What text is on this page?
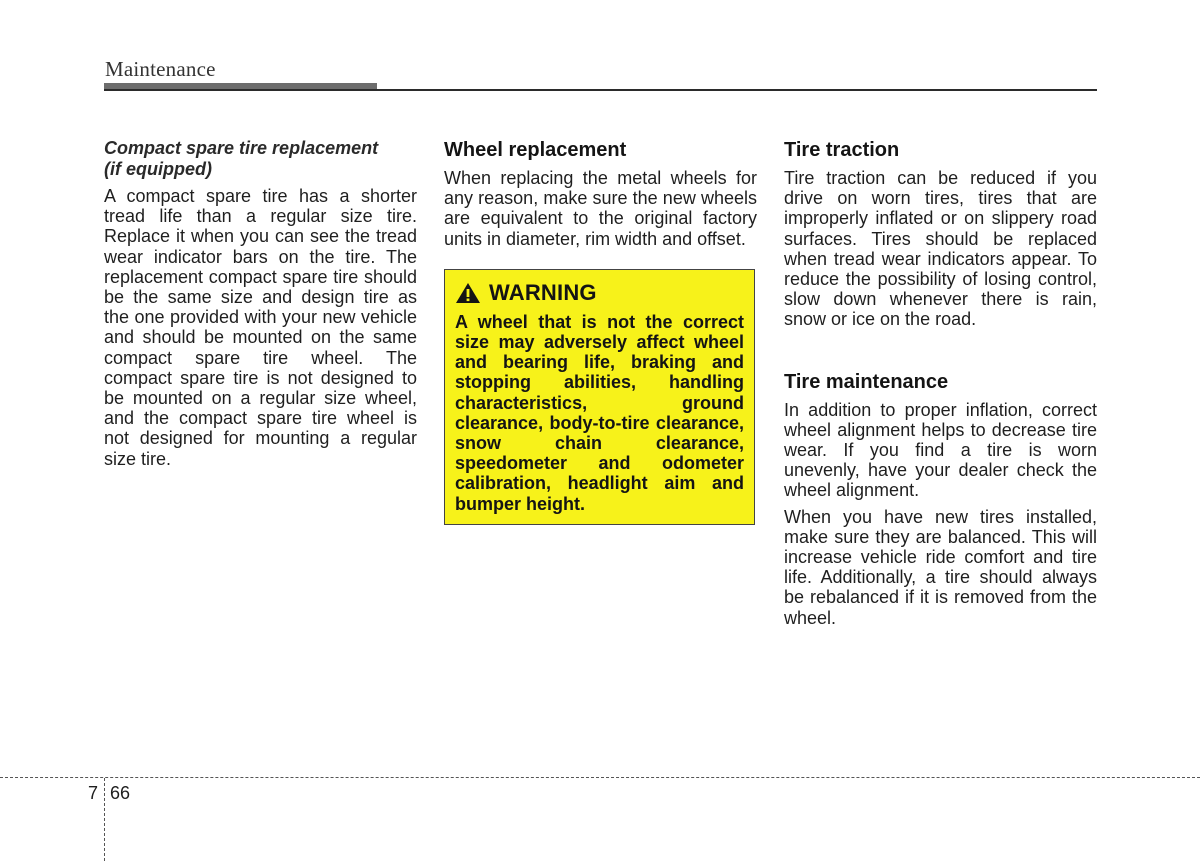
Maintenance

Compact spare tire replacement
(if equipped)

A compact spare tire has a shorter tread life than a regular size tire. Replace it when you can see the tread wear indicator bars on the tire. The replacement compact spare tire should be the same size and design tire as the one provided with your new vehicle and should be mounted on the same compact spare tire wheel. The compact spare tire is not designed to be mounted on a regular size wheel, and the compact spare tire wheel is not designed for mounting a regular size tire.

Wheel replacement

When replacing the metal wheels for any reason, make sure the new wheels are equivalent to the original factory units in diameter, rim width and offset.

WARNING

A wheel that is not the correct size may adversely affect wheel and bearing life, braking and stopping abilities, handling characteristics, ground clearance, body-to-tire clearance, snow chain clearance, speedometer and odometer calibration, headlight aim and bumper height.

Tire traction

Tire traction can be reduced if you drive on worn tires, tires that are improperly inflated or on slippery road surfaces. Tires should be replaced when tread wear indicators appear. To reduce the possibility of losing control, slow down whenever there is rain, snow or ice on the road.

Tire maintenance

In addition to proper inflation, correct wheel alignment helps to decrease tire wear. If you find a tire is worn unevenly, have your dealer check the wheel alignment.

When you have new tires installed, make sure they are balanced. This will increase vehicle ride comfort and tire life. Additionally, a tire should always be rebalanced if it is removed from the wheel.

7 66
